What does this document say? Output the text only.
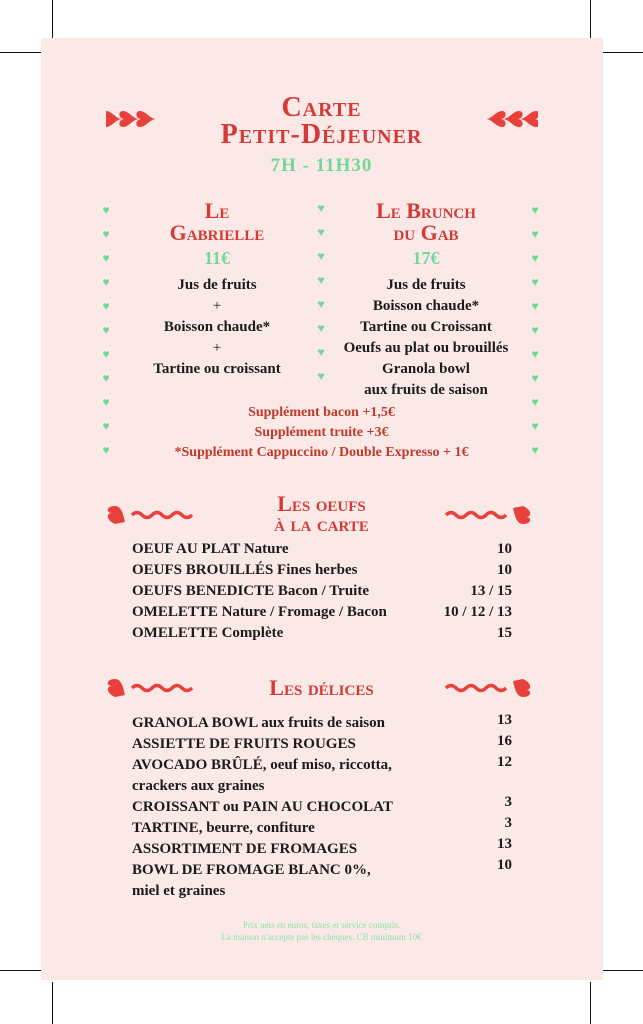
Carte
Petit-Déjeuner
7H - 11H30
♥
♥
♥
♥
♥
♥
♥
♥
♥
♥
♥
♥
♥
♥
♥
♥
♥
♥
♥
♥
♥
♥
♥
♥
♥
♥
♥
♥
♥
♥
Le
Gabrielle
11€
Jus de fruits
+
Boisson chaude*
+
Tartine ou croissant
Le Brunch
du Gab
17€
Jus de fruits
Boisson chaude*
Tartine ou Croissant
Oeufs au plat ou brouillés
Granola bowl
aux fruits de saison
Supplément bacon +1,5€
Supplément truite +3€
*Supplément Cappuccino / Double Expresso + 1€
Les oeufs
à la carte
OEUF AU PLAT Nature	10
OEUFS BROUILLÉS Fines herbes	10
OEUFS BENEDICTE Bacon / Truite	13 / 15
OMELETTE Nature / Fromage / Bacon	10 / 12 / 13
OMELETTE Complète	15
Les délices
GRANOLA BOWL aux fruits de saison	13
ASSIETTE DE FRUITS ROUGES	16
AVOCADO BRÛLÉ, oeuf miso, riccotta,	12
crackers aux graines
CROISSANT ou PAIN AU CHOCOLAT	3
TARTINE, beurre, confiture	3
ASSORTIMENT DE FROMAGES	13
BOWL DE FROMAGE BLANC 0%,	10
miel et graines
Prix nets en euros, taxes et service compris.
La maison n'accepte pas les chèques. CB minimum 10€
